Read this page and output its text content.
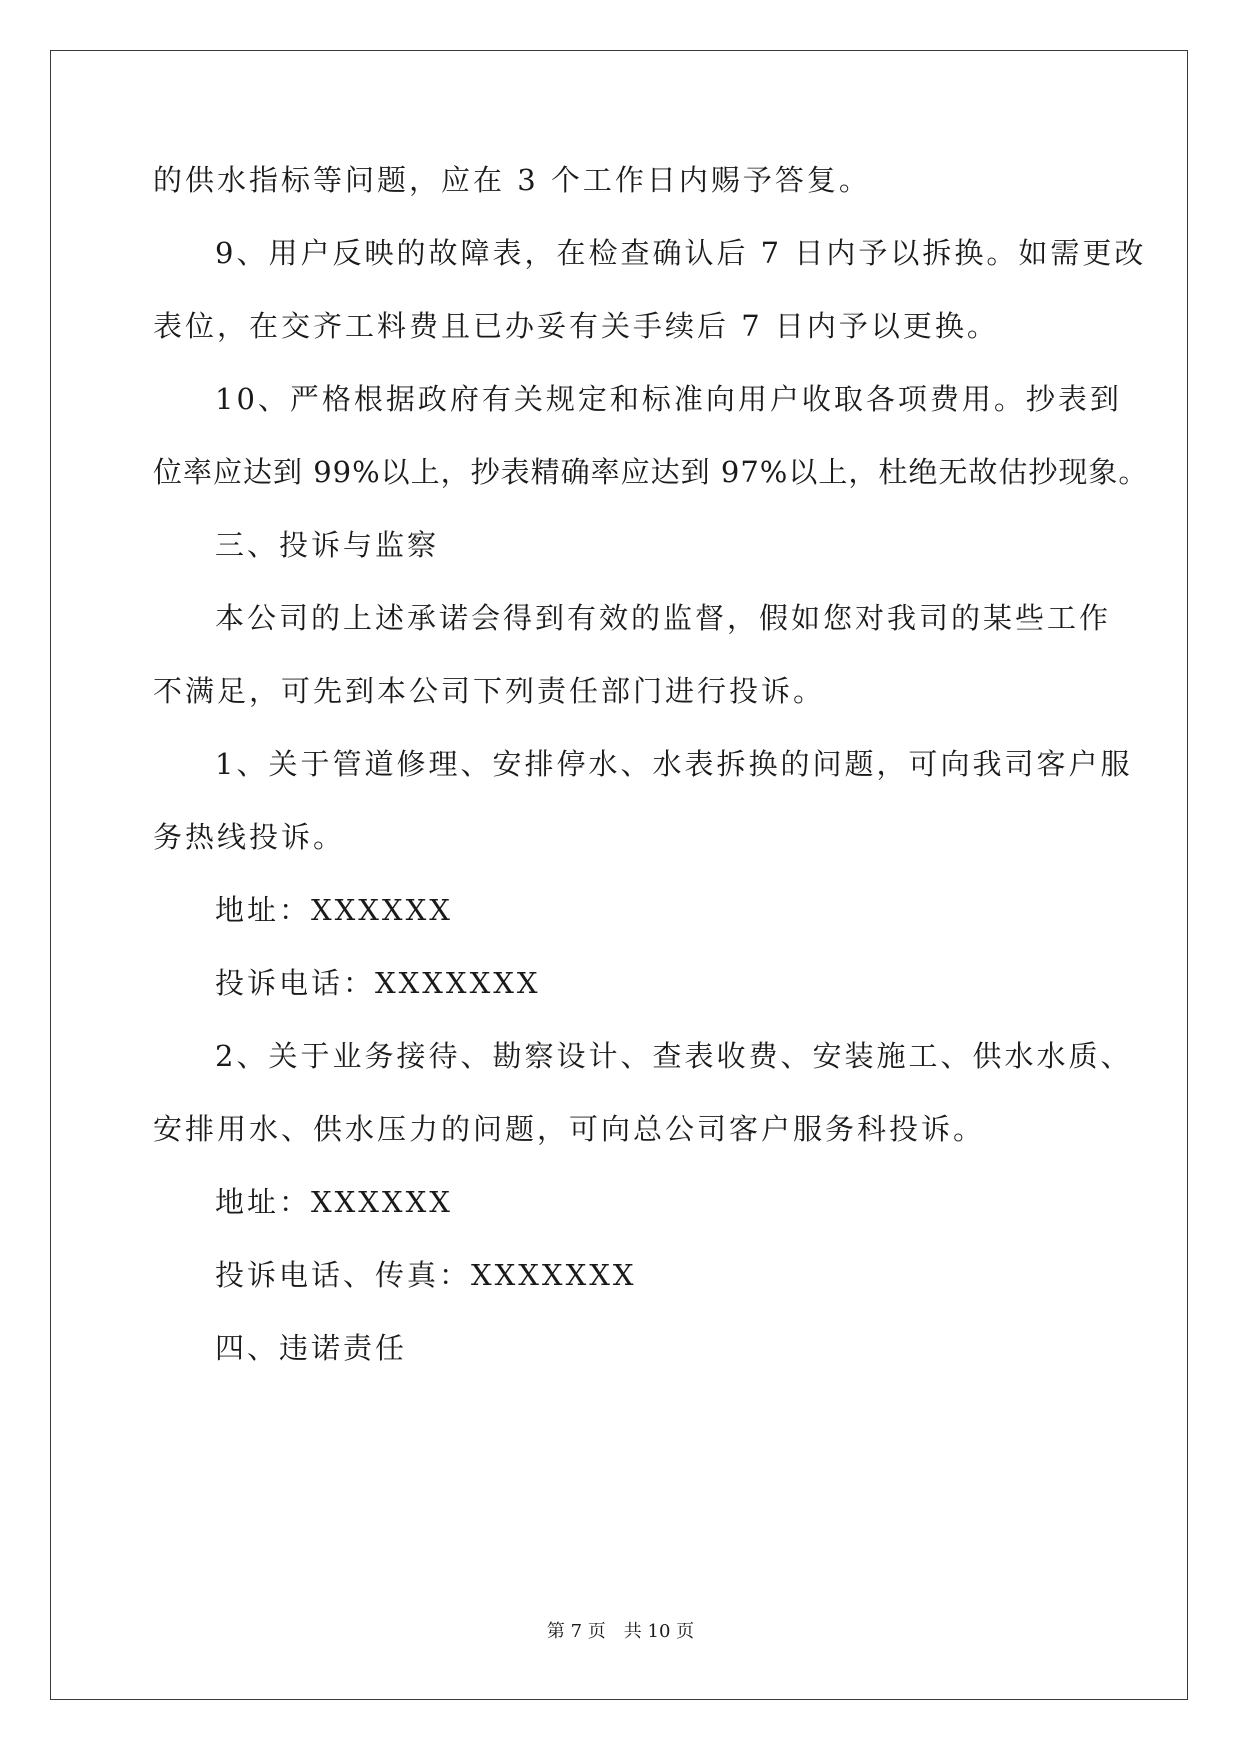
的供水指标等问题，应在 3 个工作日内赐予答复。
9、用户反映的故障表，在检查确认后 7 日内予以拆换。如需更改
表位，在交齐工料费且已办妥有关手续后 7 日内予以更换。
10、严格根据政府有关规定和标准向用户收取各项费用。抄表到
位率应达到 99%以上，抄表精确率应达到 97%以上，杜绝无故估抄现象。
三、投诉与监察
本公司的上述承诺会得到有效的监督，假如您对我司的某些工作
不满足，可先到本公司下列责任部门进行投诉。
1、关于管道修理、安排停水、水表拆换的问题，可向我司客户服
务热线投诉。
地址：XXXXXX
投诉电话：XXXXXXX
2、关于业务接待、勘察设计、查表收费、安装施工、供水水质、
安排用水、供水压力的问题，可向总公司客户服务科投诉。
地址：XXXXXX
投诉电话、传真：XXXXXXX
四、违诺责任
第 7 页　共 10 页
